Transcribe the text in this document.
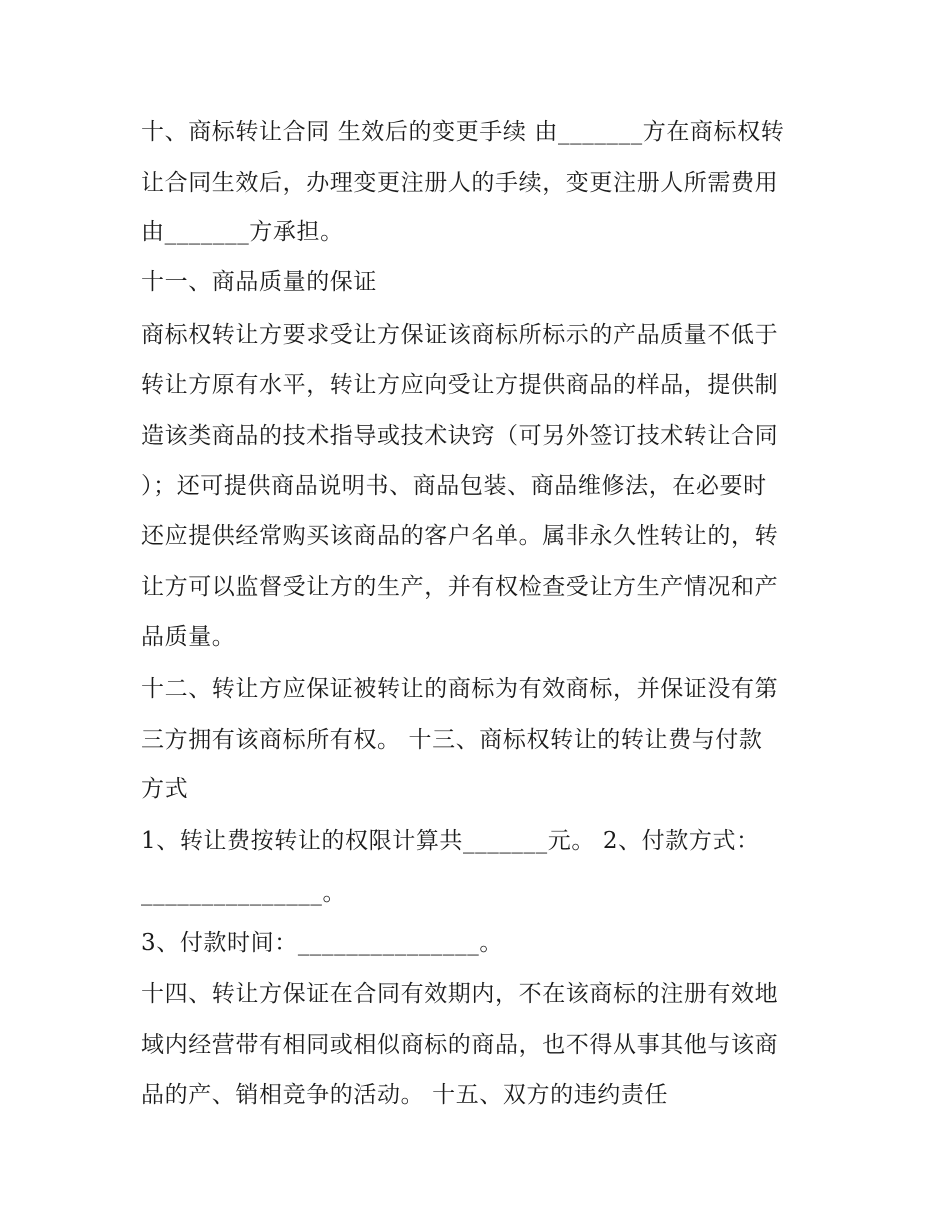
十、商标转让合同 生效后的变更手续 由_______方在商标权转
让合同生效后，办理变更注册人的手续，变更注册人所需费用
由_______方承担。
十一、商品质量的保证
商标权转让方要求受让方保证该商标所标示的产品质量不低于
转让方原有水平，转让方应向受让方提供商品的样品，提供制
造该类商品的技术指导或技术诀窍（可另外签订技术转让合同
）；还可提供商品说明书、商品包装、商品维修法，在必要时
还应提供经常购买该商品的客户名单。属非永久性转让的，转
让方可以监督受让方的生产，并有权检查受让方生产情况和产
品质量。
十二、转让方应保证被转让的商标为有效商标，并保证没有第
三方拥有该商标所有权。 十三、商标权转让的转让费与付款
方式
1、转让费按转让的权限计算共_______元。 2、付款方式：
_______________。
3、付款时间：_______________。
十四、转让方保证在合同有效期内，不在该商标的注册有效地
域内经营带有相同或相似商标的商品，也不得从事其他与该商
品的产、销相竞争的活动。 十五、双方的违约责任
